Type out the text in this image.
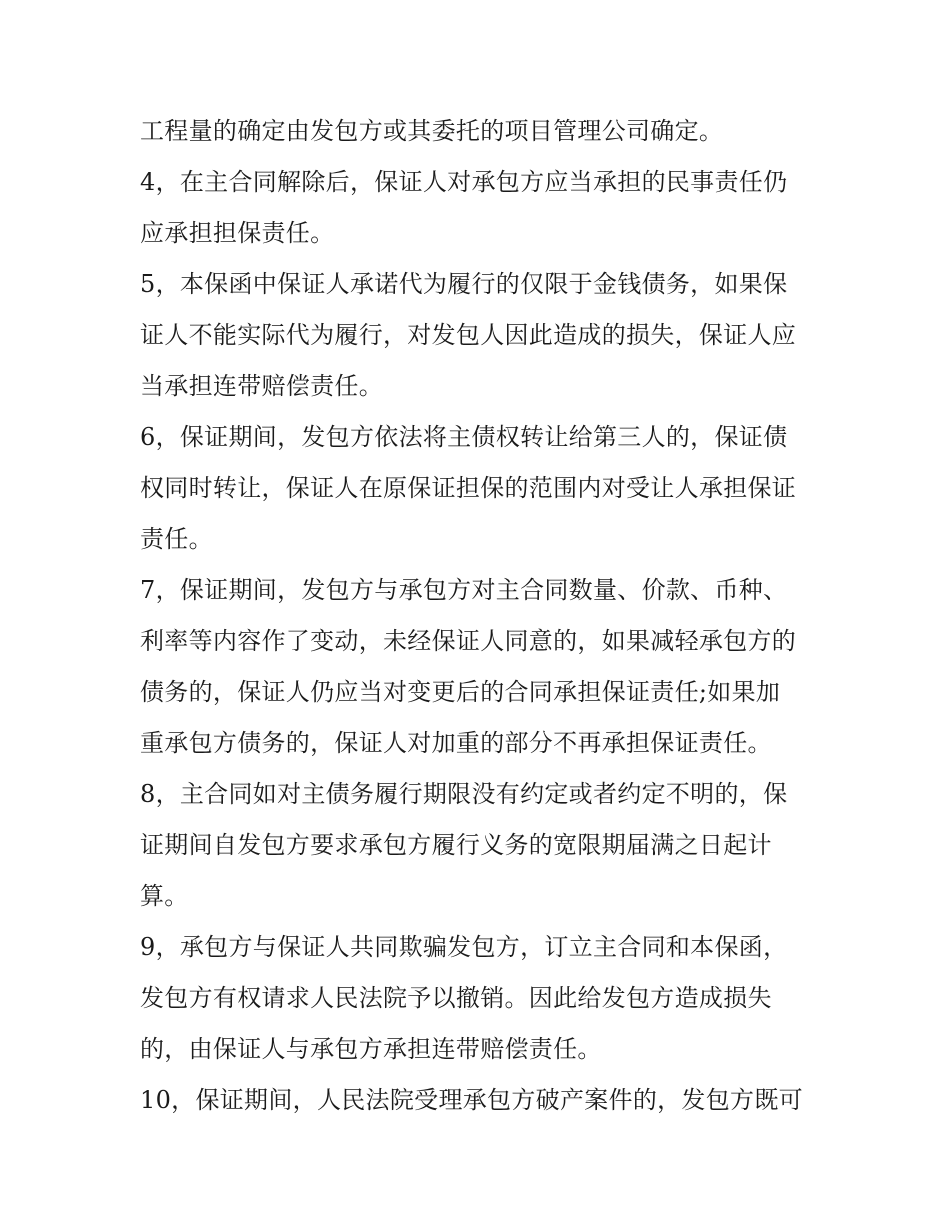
工程量的确定由发包方或其委托的项目管理公司确定。
4，在主合同解除后，保证人对承包方应当承担的民事责任仍
应承担担保责任。
5，本保函中保证人承诺代为履行的仅限于金钱债务，如果保
证人不能实际代为履行，对发包人因此造成的损失，保证人应
当承担连带赔偿责任。
6，保证期间，发包方依法将主债权转让给第三人的，保证债
权同时转让，保证人在原保证担保的范围内对受让人承担保证
责任。
7，保证期间，发包方与承包方对主合同数量、价款、币种、
利率等内容作了变动，未经保证人同意的，如果减轻承包方的
债务的，保证人仍应当对变更后的合同承担保证责任;如果加
重承包方债务的，保证人对加重的部分不再承担保证责任。
8，主合同如对主债务履行期限没有约定或者约定不明的，保
证期间自发包方要求承包方履行义务的宽限期届满之日起计
算。
9，承包方与保证人共同欺骗发包方，订立主合同和本保函，
发包方有权请求人民法院予以撤销。因此给发包方造成损失
的，由保证人与承包方承担连带赔偿责任。
10，保证期间，人民法院受理承包方破产案件的，发包方既可
